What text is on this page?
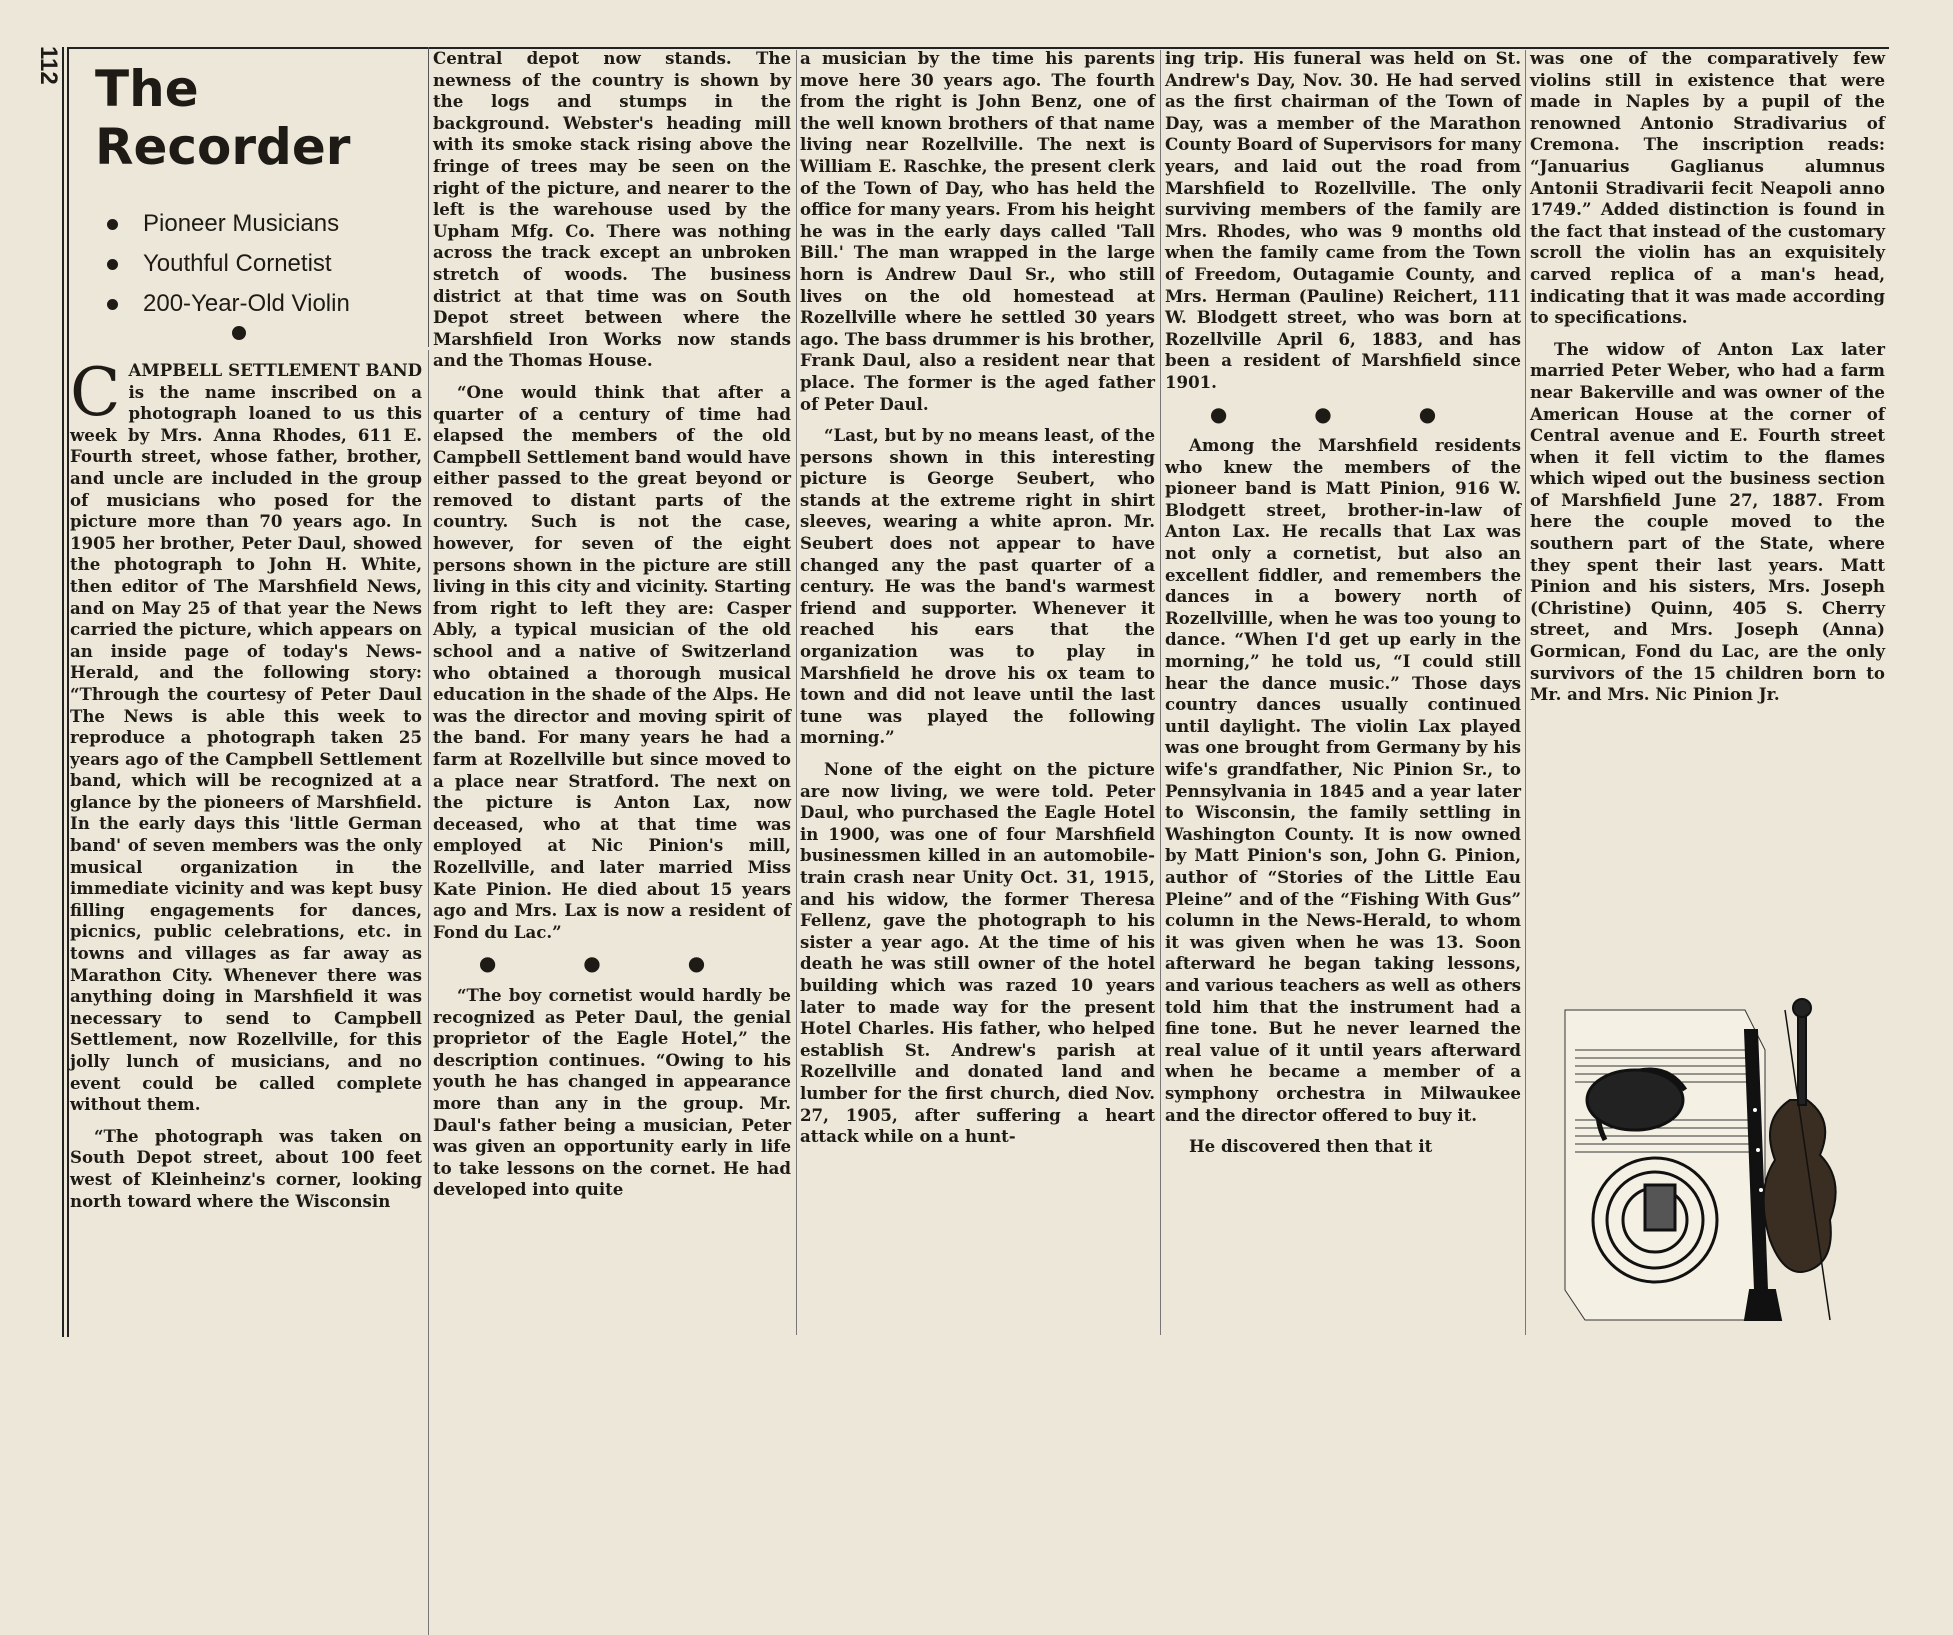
112 The
Recorder
Pioneer Musicians
Youthful Cornetist
200-Year-Old Violin

CAMPBELL SETTLEMENT BAND is the name inscribed on a photograph loaned to us this week by Mrs. Anna Rhodes, 611 E. Fourth street, whose father, brother, and uncle are included in the group of musicians who posed for the picture more than 70 years ago. In 1905 her brother, Peter Daul, showed the photograph to John H. White, then editor of The Marshfield News, and on May 25 of that year the News carried the picture, which appears on an inside page of today's News-Herald, and the following story: “Through the courtesy of Peter Daul The News is able this week to reproduce a photograph taken 25 years ago of the Campbell Settlement band, which will be recognized at a glance by the pioneers of Marshfield. In the early days this 'little German band' of seven members was the only musical organization in the immediate vicinity and was kept busy filling engagements for dances, picnics, public celebrations, etc. in towns and villages as far away as Marathon City. Whenever there was anything doing in Marshfield it was necessary to send to Campbell Settlement, now Rozellville, for this jolly lunch of musicians, and no event could be called complete without them.

“The photograph was taken on South Depot street, about 100 feet west of Kleinheinz's corner, looking north toward where the Wisconsin

Central depot now stands. The newness of the country is shown by the logs and stumps in the background. Webster's heading mill with its smoke stack rising above the fringe of trees may be seen on the right of the picture, and nearer to the left is the warehouse used by the Upham Mfg. Co. There was nothing across the track except an unbroken stretch of woods. The business district at that time was on South Depot street between where the Marshfield Iron Works now stands and the Thomas House.

“One would think that after a quarter of a century of time had elapsed the members of the old Campbell Settlement band would have either passed to the great beyond or removed to distant parts of the country. Such is not the case, however, for seven of the eight persons shown in the picture are still living in this city and vicinity. Starting from right to left they are: Casper Ably, a typical musician of the old school and a native of Switzerland who obtained a thorough musical education in the shade of the Alps. He was the director and moving spirit of the band. For many years he had a farm at Rozellville but since moved to a place near Stratford. The next on the picture is Anton Lax, now deceased, who at that time was employed at Nic Pinion's mill, Rozellville, and later married Miss Kate Pinion. He died about 15 years ago and Mrs. Lax is now a resident of Fond du Lac.”

● ● ●

“The boy cornetist would hardly be recognized as Peter Daul, the genial proprietor of the Eagle Hotel,” the description continues. “Owing to his youth he has changed in appearance more than any in the group. Mr. Daul's father being a musician, Peter was given an opportunity early in life to take lessons on the cornet. He had developed into quite

a musician by the time his parents move here 30 years ago. The fourth from the right is John Benz, one of the well known brothers of that name living near Rozellville. The next is William E. Raschke, the present clerk of the Town of Day, who has held the office for many years. From his height he was in the early days called 'Tall Bill.' The man wrapped in the large horn is Andrew Daul Sr., who still lives on the old homestead at Rozellville where he settled 30 years ago. The bass drummer is his brother, Frank Daul, also a resident near that place. The former is the aged father of Peter Daul.

“Last, but by no means least, of the persons shown in this interesting picture is George Seubert, who stands at the extreme right in shirt sleeves, wearing a white apron. Mr. Seubert does not appear to have changed any the past quarter of a century. He was the band's warmest friend and supporter. Whenever it reached his ears that the organization was to play in Marshfield he drove his ox team to town and did not leave until the last tune was played the following morning.”

None of the eight on the picture are now living, we were told. Peter Daul, who purchased the Eagle Hotel in 1900, was one of four Marshfield businessmen killed in an automobile-train crash near Unity Oct. 31, 1915, and his widow, the former Theresa Fellenz, gave the photograph to his sister a year ago. At the time of his death he was still owner of the hotel building which was razed 10 years later to made way for the present Hotel Charles. His father, who helped establish St. Andrew's parish at Rozellville and donated land and lumber for the first church, died Nov. 27, 1905, after suffering a heart attack while on a hunt-

ing trip. His funeral was held on St. Andrew's Day, Nov. 30. He had served as the first chairman of the Town of Day, was a member of the Marathon County Board of Supervisors for many years, and laid out the road from Marshfield to Rozellville. The only surviving members of the family are Mrs. Rhodes, who was 9 months old when the family came from the Town of Freedom, Outagamie County, and Mrs. Herman (Pauline) Reichert, 111 W. Blodgett street, who was born at Rozellville April 6, 1883, and has been a resident of Marshfield since 1901.

● ● ●

Among the Marshfield residents who knew the members of the pioneer band is Matt Pinion, 916 W. Blodgett street, brother-in-law of Anton Lax. He recalls that Lax was not only a cornetist, but also an excellent fiddler, and remembers the dances in a bowery north of Rozellvillle, when he was too young to dance. “When I'd get up early in the morning,” he told us, “I could still hear the dance music.” Those days country dances usually continued until daylight. The violin Lax played was one brought from Germany by his wife's grandfather, Nic Pinion Sr., to Pennsylvania in 1845 and a year later to Wisconsin, the family settling in Washington County. It is now owned by Matt Pinion's son, John G. Pinion, author of “Stories of the Little Eau Pleine” and of the “Fishing With Gus” column in the News-Herald, to whom it was given when he was 13. Soon afterward he began taking lessons, and various teachers as well as others told him that the instrument had a fine tone. But he never learned the real value of it until years afterward when he became a member of a symphony orchestra in Milwaukee and the director offered to buy it.

He discovered then that it

was one of the comparatively few violins still in existence that were made in Naples by a pupil of the renowned Antonio Stradivarius of Cremona. The inscription reads: “Januarius Gaglianus alumnus Antonii Stradivarii fecit Neapoli anno 1749.” Added distinction is found in the fact that instead of the customary scroll the violin has an exquisitely carved replica of a man's head, indicating that it was made according to specifications.

The widow of Anton Lax later married Peter Weber, who had a farm near Bakerville and was owner of the American House at the corner of Central avenue and E. Fourth street when it fell victim to the flames which wiped out the business section of Marshfield June 27, 1887. From here the couple moved to the southern part of the State, where they spent their last years. Matt Pinion and his sisters, Mrs. Joseph (Christine) Quinn, 405 S. Cherry street, and Mrs. Joseph (Anna) Gormican, Fond du Lac, are the only survivors of the 15 children born to Mr. and Mrs. Nic Pinion Jr.
